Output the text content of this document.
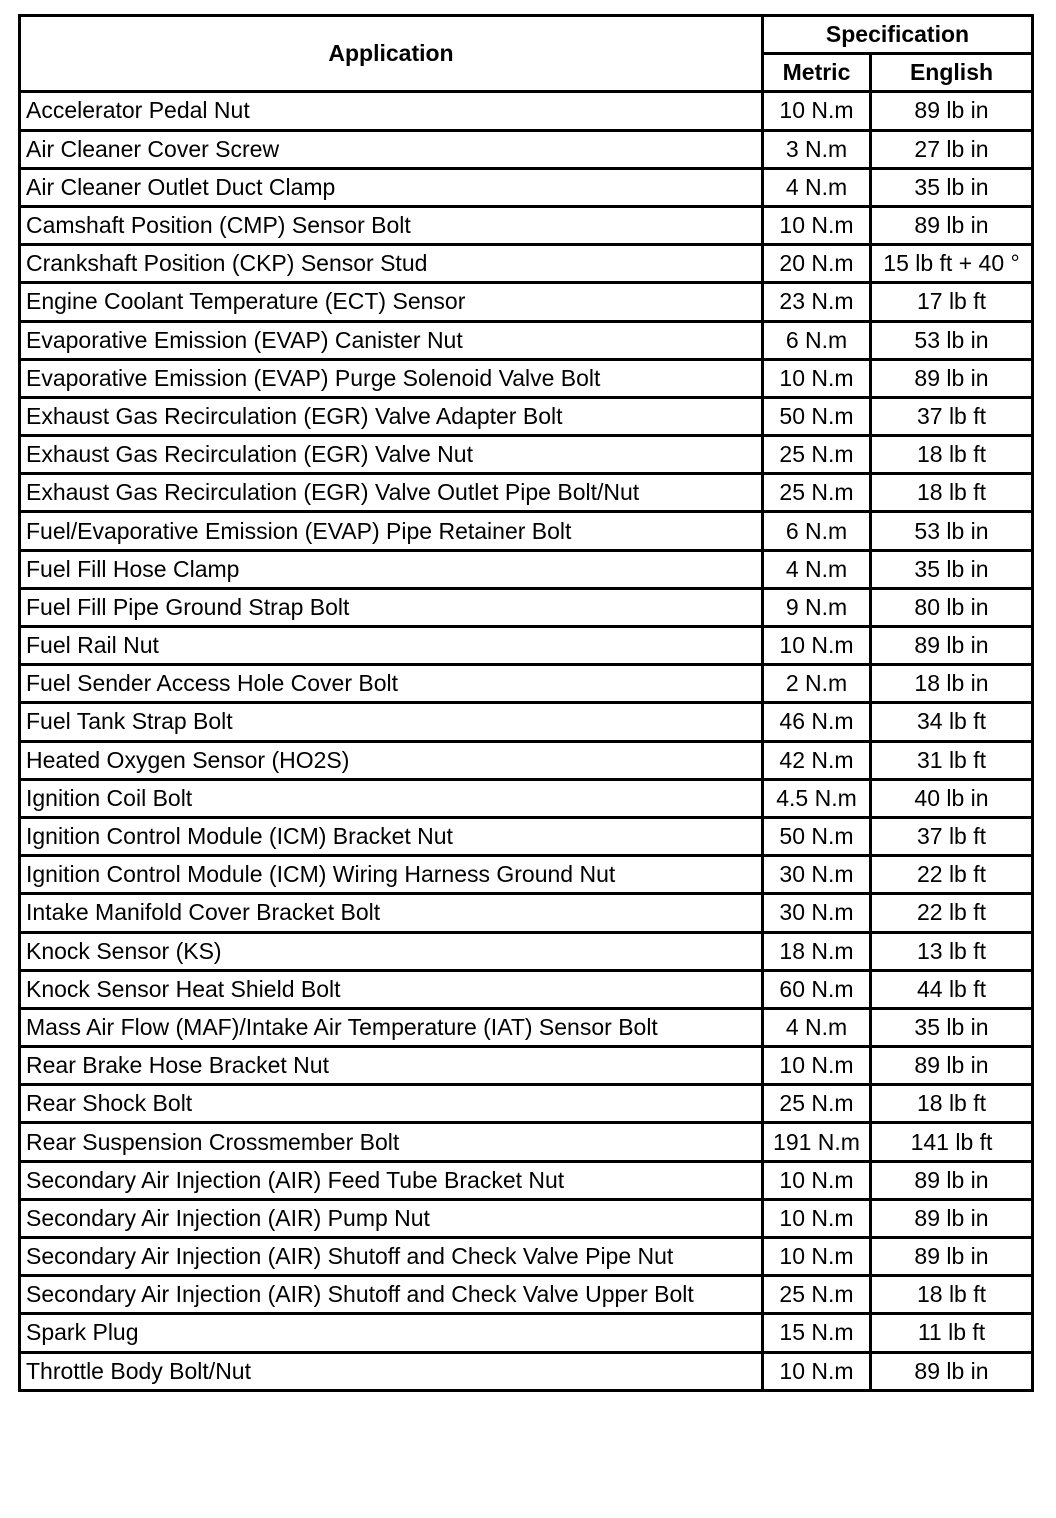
Application	Specification	
	Metric	English
Accelerator Pedal Nut	10 N.m	89 lb in
Air Cleaner Cover Screw	3 N.m	27 lb in
Air Cleaner Outlet Duct Clamp	4 N.m	35 lb in
Camshaft Position (CMP) Sensor Bolt	10 N.m	89 lb in
Crankshaft Position (CKP) Sensor Stud	20 N.m	15 lb ft + 40 °
Engine Coolant Temperature (ECT) Sensor	23 N.m	17 lb ft
Evaporative Emission (EVAP) Canister Nut	6 N.m	53 lb in
Evaporative Emission (EVAP) Purge Solenoid Valve Bolt	10 N.m	89 lb in
Exhaust Gas Recirculation (EGR) Valve Adapter Bolt	50 N.m	37 lb ft
Exhaust Gas Recirculation (EGR) Valve Nut	25 N.m	18 lb ft
Exhaust Gas Recirculation (EGR) Valve Outlet Pipe Bolt/Nut	25 N.m	18 lb ft
Fuel/Evaporative Emission (EVAP) Pipe Retainer Bolt	6 N.m	53 lb in
Fuel Fill Hose Clamp	4 N.m	35 lb in
Fuel Fill Pipe Ground Strap Bolt	9 N.m	80 lb in
Fuel Rail Nut	10 N.m	89 lb in
Fuel Sender Access Hole Cover Bolt	2 N.m	18 lb in
Fuel Tank Strap Bolt	46 N.m	34 lb ft
Heated Oxygen Sensor (HO2S)	42 N.m	31 lb ft
Ignition Coil Bolt	4.5 N.m	40 lb in
Ignition Control Module (ICM) Bracket Nut	50 N.m	37 lb ft
Ignition Control Module (ICM) Wiring Harness Ground Nut	30 N.m	22 lb ft
Intake Manifold Cover Bracket Bolt	30 N.m	22 lb ft
Knock Sensor (KS)	18 N.m	13 lb ft
Knock Sensor Heat Shield Bolt	60 N.m	44 lb ft
Mass Air Flow (MAF)/Intake Air Temperature (IAT) Sensor Bolt	4 N.m	35 lb in
Rear Brake Hose Bracket Nut	10 N.m	89 lb in
Rear Shock Bolt	25 N.m	18 lb ft
Rear Suspension Crossmember Bolt	191 N.m	141 lb ft
Secondary Air Injection (AIR) Feed Tube Bracket Nut	10 N.m	89 lb in
Secondary Air Injection (AIR) Pump Nut	10 N.m	89 lb in
Secondary Air Injection (AIR) Shutoff and Check Valve Pipe Nut	10 N.m	89 lb in
Secondary Air Injection (AIR) Shutoff and Check Valve Upper Bolt	25 N.m	18 lb ft
Spark Plug	15 N.m	11 lb ft
Throttle Body Bolt/Nut	10 N.m	89 lb in
